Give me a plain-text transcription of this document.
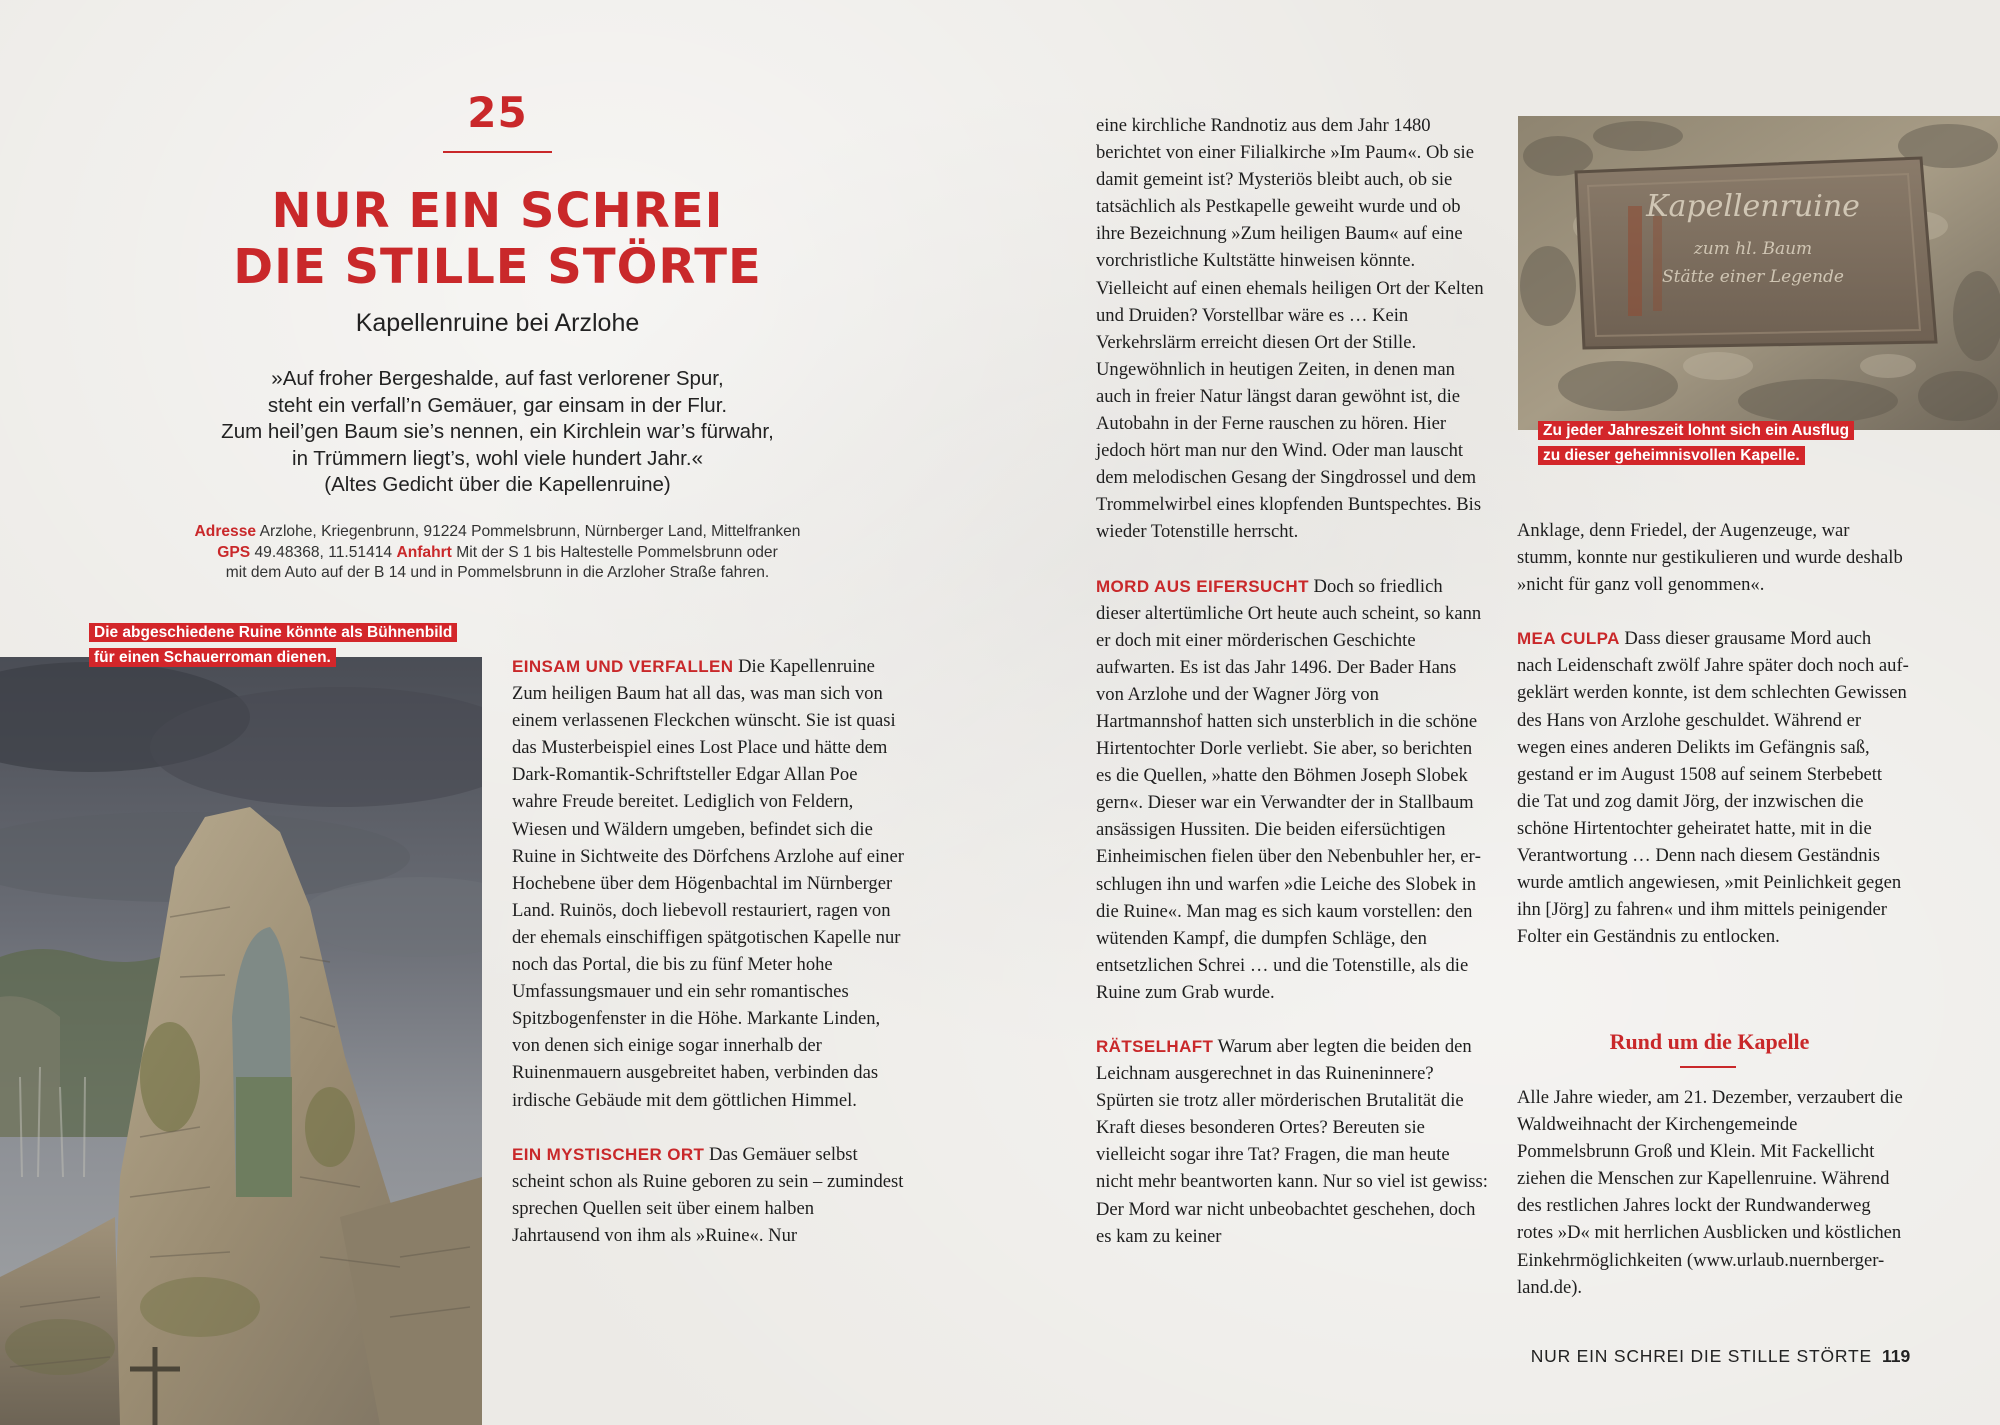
25
NUR EIN SCHREI
DIE STILLE STÖRTE
Kapellenruine bei Arzlohe
»Auf froher Bergeshalde, auf fast verlorener Spur,
steht ein verfall’n Gemäuer, gar einsam in der Flur.
Zum heil’gen Baum sie’s nennen, ein Kirchlein war’s fürwahr,
in Trümmern liegt’s, wohl viele hundert Jahr.«
(Altes Gedicht über die Kapellenruine)
Adresse Arzlohe, Kriegenbrunn, 91224 Pommelsbrunn, Nürnberger Land, Mittelfranken
GPS 49.48368, 11.51414 Anfahrt Mit der S 1 bis Haltestelle Pommelsbrunn oder
mit dem Auto auf der B 14 und in Pommelsbrunn in die Arzloher Straße fahren.
Die abgeschiedene Ruine könnte als Bühnenbild
für einen Schauerroman dienen.
Kapellenruine
zum hl. Baum
Stätte einer Legende
Zu jeder Jahreszeit lohnt sich ein Ausflug
zu dieser geheimnisvollen Kapelle.

EINSAM UND VERFALLEN Die Kapellenruine Zum heiligen Baum hat all das, was man sich von einem verlassenen Fleckchen wünscht. Sie ist quasi das Musterbeispiel eines Lost Place und hätte dem Dark-Romantik-Schriftsteller Edgar Allan Poe wahre Freude bereitet. Lediglich von Feldern, Wiesen und Wäldern umgeben, befindet sich die Ruine in Sichtweite des Dörfchens Arzlohe auf einer Hochebene über dem Högenbachtal im Nürnberger Land. Ruinös, doch liebevoll restauriert, ragen von der ehemals einschiffigen spätgotischen Kapelle nur noch das Portal, die bis zu fünf Meter hohe Umfassungsmauer und ein sehr romantisches Spitzbogenfenster in die Höhe. Markante Linden, von denen sich einige sogar innerhalb der Ruinenmauern ausgebreitet haben, verbinden das irdische Gebäude mit dem göttlichen Himmel.

EIN MYSTISCHER ORT Das Gemäuer selbst scheint schon als Ruine geboren zu sein – zumindest sprechen Quellen seit über einem halben Jahrtausend von ihm als »Ruine«. Nur

eine kirchliche Randnotiz aus dem Jahr 1480 berichtet von einer Filialkirche »Im Paum«. Ob sie damit gemeint ist? Mysteriös bleibt auch, ob sie tatsächlich als Pestkapelle geweiht wurde und ob ihre Bezeichnung »Zum heiligen Baum« auf eine vorchristliche Kultstätte hinweisen könnte. Vielleicht auf einen ehemals heiligen Ort der Kelten und Druiden? Vorstellbar wäre es … Kein Verkehrslärm erreicht diesen Ort der Stille. Ungewöhnlich in heutigen Zeiten, in denen man auch in freier Natur längst daran gewöhnt ist, die Autobahn in der Ferne rauschen zu hören. Hier jedoch hört man nur den Wind. Oder man lauscht dem melodischen Gesang der Singdrossel und dem Trommelwirbel eines klopfenden Buntspechtes. Bis wieder Totenstille herrscht.

MORD AUS EIFERSUCHT Doch so friedlich dieser altertümliche Ort heute auch scheint, so kann er doch mit einer mörderischen Geschichte aufwarten. Es ist das Jahr 1496. Der Bader Hans von Arzlohe und der Wagner Jörg von Hartmannshof hatten sich unsterblich in die schöne Hirtentochter Dorle verliebt. Sie aber, so berichten es die Quellen, »hatte den Böhmen Joseph Slobek gern«. Dieser war ein Verwandter der in Stallbaum ansässigen Hussiten. Die beiden eifersüchtigen Einheimischen fielen über den Nebenbuhler her, erschlugen ihn und warfen »die Leiche des Slobek in die Ruine«. Man mag es sich kaum vorstellen: den wütenden Kampf, die dumpfen Schläge, den entsetzlichen Schrei … und die Totenstille, als die Ruine zum Grab wurde.

RÄTSELHAFT Warum aber legten die beiden den Leichnam ausgerechnet in das Ruineninnere? Spürten sie trotz aller mörderischen Brutalität die Kraft dieses besonderen Ortes? Bereuten sie vielleicht sogar ihre Tat? Fragen, die man heute nicht mehr beantworten kann. Nur so viel ist gewiss: Der Mord war nicht unbeobachtet geschehen, doch es kam zu keiner

Anklage, denn Friedel, der Augenzeuge, war stumm, konnte nur gestikulieren und wurde deshalb »nicht für ganz voll genommen«.

MEA CULPA Dass dieser grausame Mord auch nach Leidenschaft zwölf Jahre später doch noch aufgeklärt werden konnte, ist dem schlechten Gewissen des Hans von Arzlohe geschuldet. Während er wegen eines anderen Delikts im Gefängnis saß, gestand er im August 1508 auf seinem Sterbebett die Tat und zog damit Jörg, der inzwischen die schöne Hirtentochter geheiratet hatte, mit in die Verantwortung … Denn nach diesem Geständnis wurde amtlich angewiesen, »mit Peinlichkeit gegen ihn [Jörg] zu fahren« und ihm mittels peinigender Folter ein Geständnis zu entlocken.

Rund um die Kapelle
Alle Jahre wieder, am 21. Dezember, verzaubert die Waldweihnacht der Kirchengemeinde Pommelsbrunn Groß und Klein. Mit Fackellicht ziehen die Menschen zur Kapellenruine. Während des restlichen Jahres lockt der Rundwanderweg rotes »D« mit herrlichen Ausblicken und köstlichen Einkehrmöglichkeiten (www.urlaub.nuernberger-land.de).
NUR EIN SCHREI DIE STILLE STÖRTE 119
